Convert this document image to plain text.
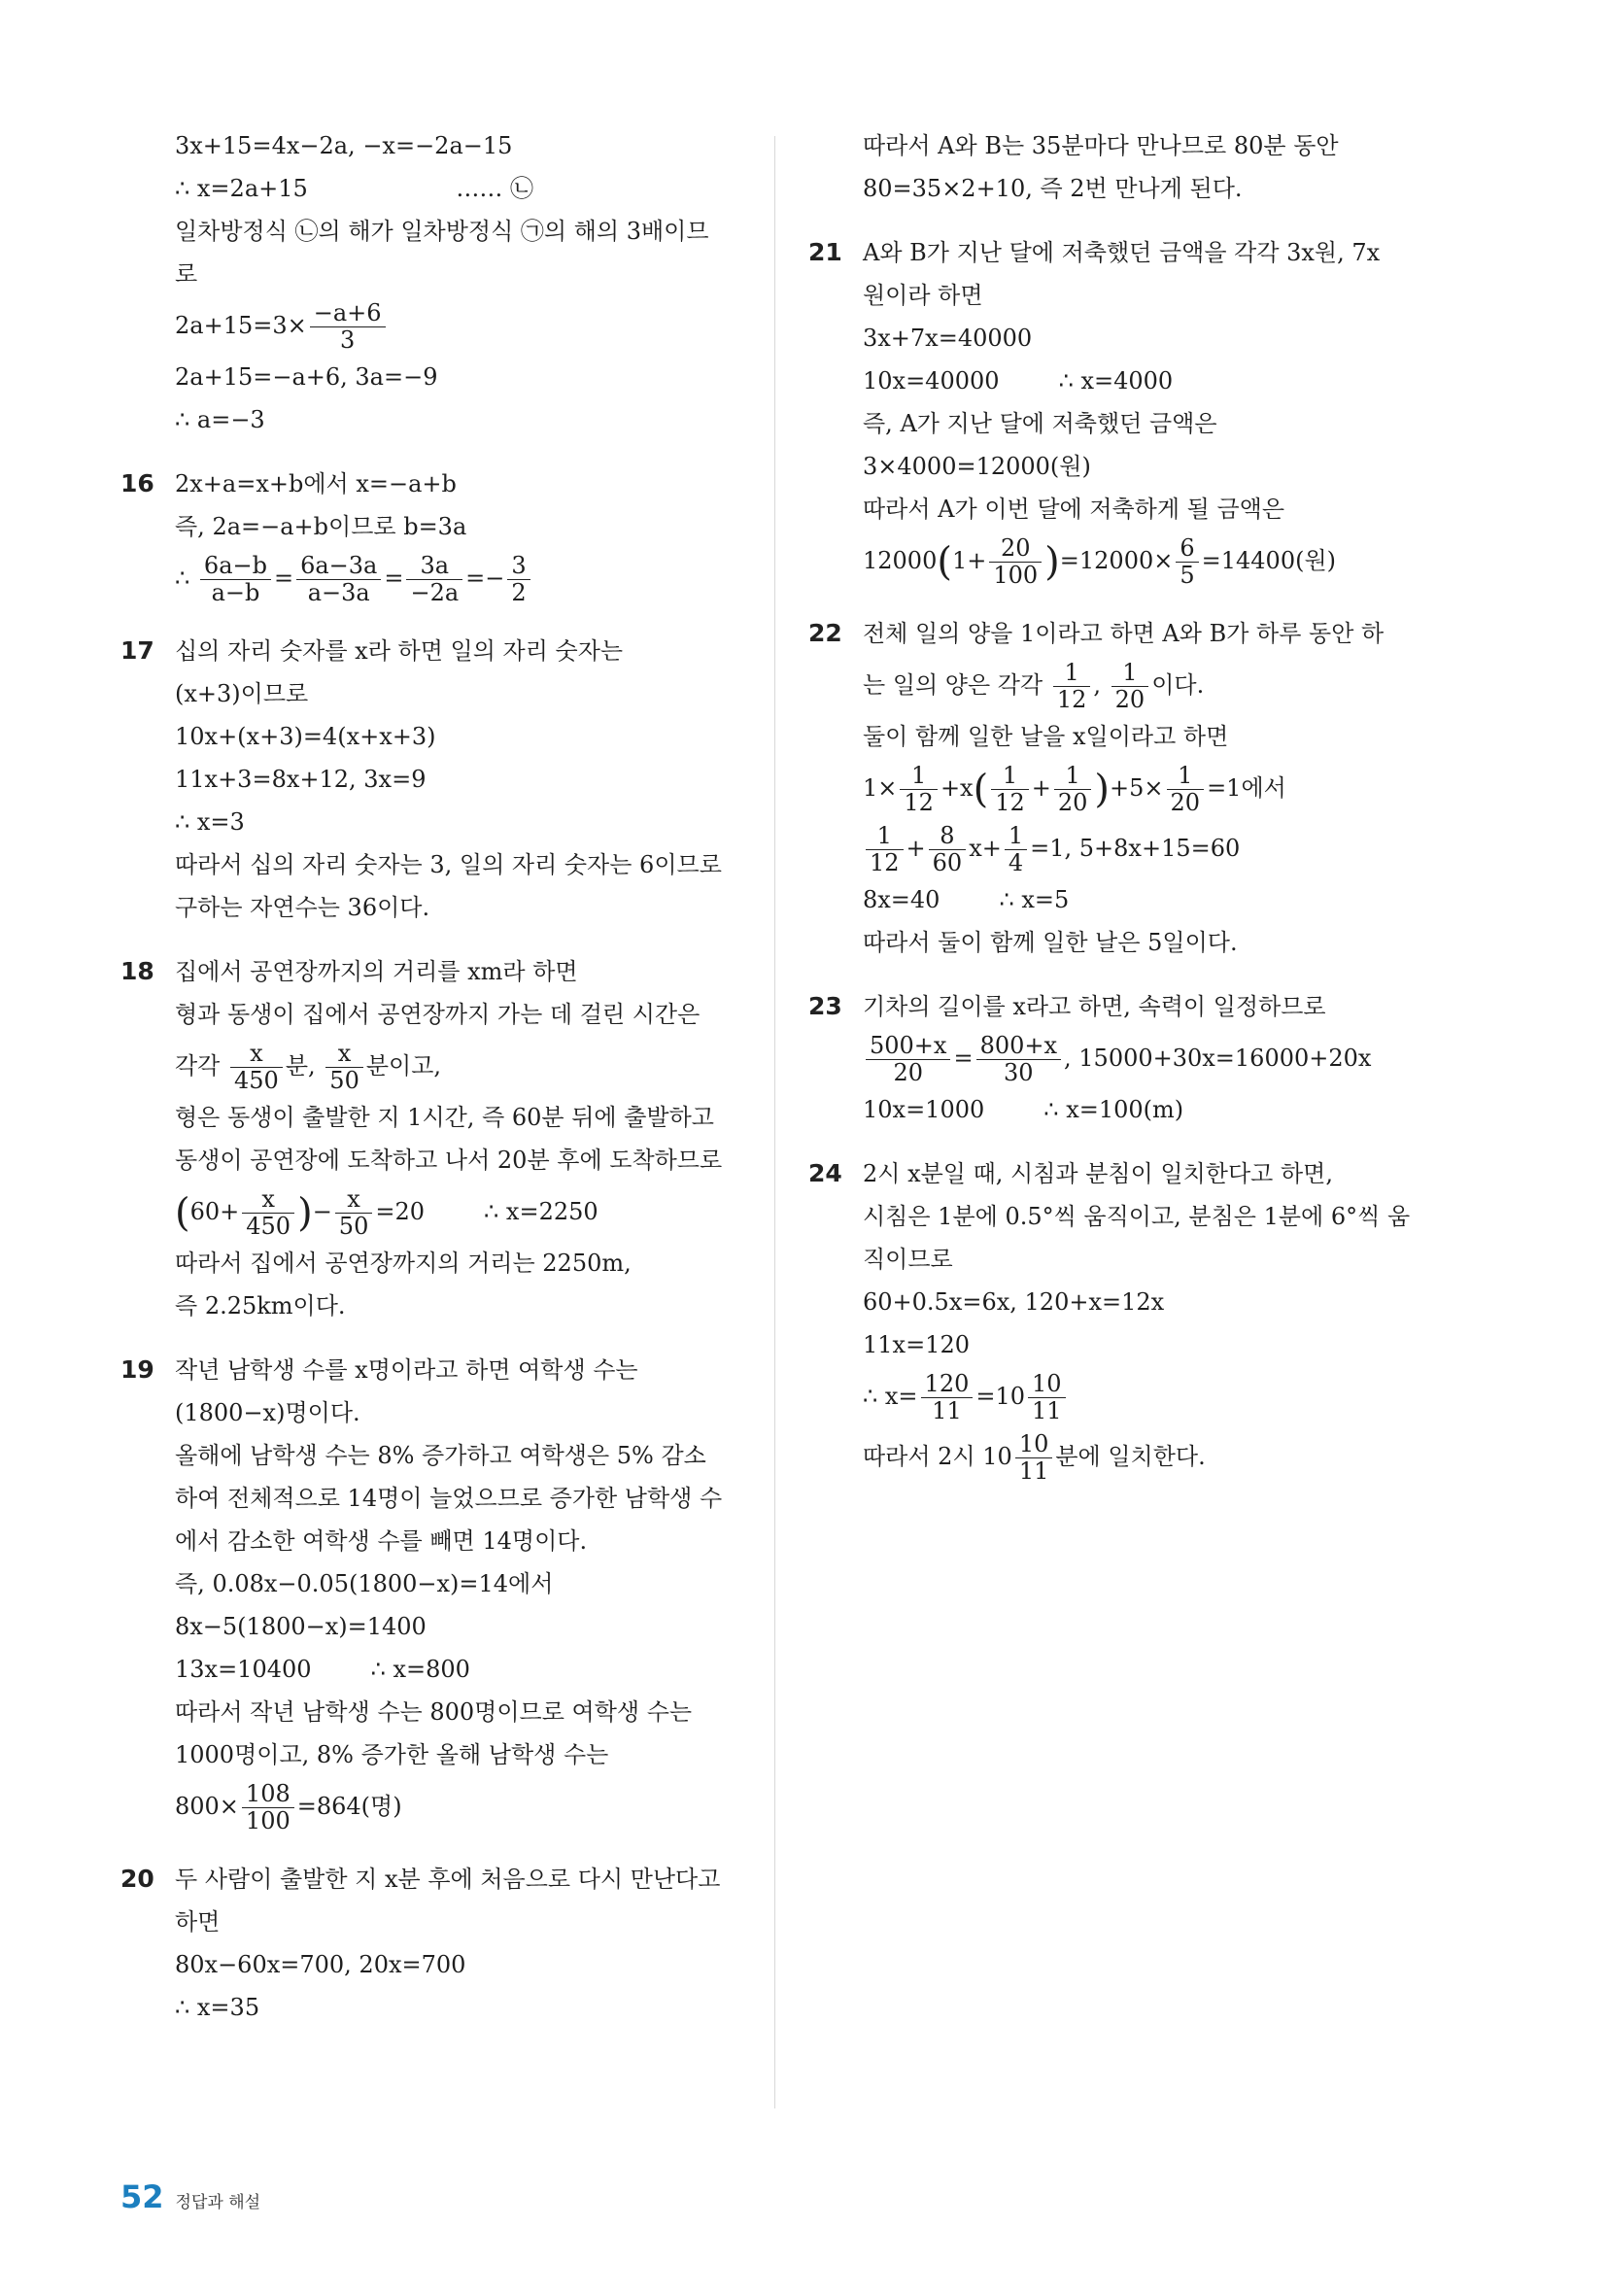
3x+15=4x−2a, −x=−2a−15
∴ x=2a+15                    …… ㉡
일차방정식 ㉡의 해가 일차방정식 ㉠의 해의 3배이므
로
$2a+15=3\times \frac{-a+6}{3}$
2a+15=−a+6, 3a=−9
∴ a=−3
16 2x+a=x+b에서 x=−a+b
즉, 2a=−a+b이므로 b=3a
∴ $\frac{6a-b}{a-b} = \frac{6a-3a}{a-3a} = \frac{3a}{-2a} =- \frac{3}{2}$
17 십의 자리 숫자를 x라 하면 일의 자리 숫자는
(x+3)이므로
10x+(x+3)=4(x+x+3)
11x+3=8x+12, 3x=9
∴ x=3
따라서 십의 자리 숫자는 3, 일의 자리 숫자는 6이므로
구하는 자연수는 36이다.
18 집에서 공연장까지의 거리를 xm라 하면
형과 동생이 집에서 공연장까지 가는 데 걸린 시간은
각각 $\frac{x}{450}$ 분, $\frac{x}{50}$ 분이고,
형은 동생이 출발한 지 1시간, 즉 60분 뒤에 출발하고
동생이 공연장에 도착하고 나서 20분 후에 도착하므로
($60+ \frac{x}{450}$ )− $\frac{x}{50} =20$        ∴ x=2250
따라서 집에서 공연장까지의 거리는 2250m,
즉 2.25km이다.
19 작년 남학생 수를 x명이라고 하면 여학생 수는
(1800−x)명이다.
올해에 남학생 수는 8% 증가하고 여학생은 5% 감소
하여 전체적으로 14명이 늘었으므로 증가한 남학생 수
에서 감소한 여학생 수를 빼면 14명이다.
즉, 0.08x−0.05(1800−x)=14에서
8x−5(1800−x)=1400
13x=10400        ∴ x=800
따라서 작년 남학생 수는 800명이므로 여학생 수는
1000명이고, 8% 증가한 올해 남학생 수는
$800\times \frac{108}{100} =864$(명)
20 두 사람이 출발한 지 x분 후에 처음으로 다시 만난다고
하면
80x−60x=700, 20x=700
∴ x=35
따라서 A와 B는 35분마다 만나므로 80분 동안
80=35×2+10, 즉 2번 만나게 된다.
21 A와 B가 지난 달에 저축했던 금액을 각각 3x원, 7x
원이라 하면
3x+7x=40000
10x=40000        ∴ x=4000
즉, A가 지난 달에 저축했던 금액은
3×4000=12000(원)
따라서 A가 이번 달에 저축하게 될 금액은
$12000(1+ \frac{20}{100} )=12000\times \frac{6}{5} =14400$(원)
22 전체 일의 양을 1이라고 하면 A와 B가 하루 동안 하
는 일의 양은 각각 $\frac{1}{12}$ , $\frac{1}{20}$ 이다.
둘이 함께 일한 날을 x일이라고 하면
$1\times \frac{1}{12} +x( \frac{1}{12} + \frac{1}{20} )+5\times \frac{1}{20} =1$에서
$\frac{1}{12} + \frac{8}{60} x+ \frac{1}{4} =1$, 5+8x+15=60
8x=40        ∴ x=5
따라서 둘이 함께 일한 날은 5일이다.
23 기차의 길이를 x라고 하면, 속력이 일정하므로
$\frac{500+x}{20} = \frac{800+x}{30}$ , 15000+30x=16000+20x
10x=1000        ∴ x=100(m)
24 2시 x분일 때, 시침과 분침이 일치한다고 하면,
시침은 1분에 0.5°씩 움직이고, 분침은 1분에 6°씩 움
직이므로
60+0.5x=6x, 120+x=12x
11x=120
∴ $x= \frac{120}{11} =10 \frac{10}{11}$
따라서 2시 $10 \frac{10}{11}$ 분에 일치한다.
52 정답과 해설
